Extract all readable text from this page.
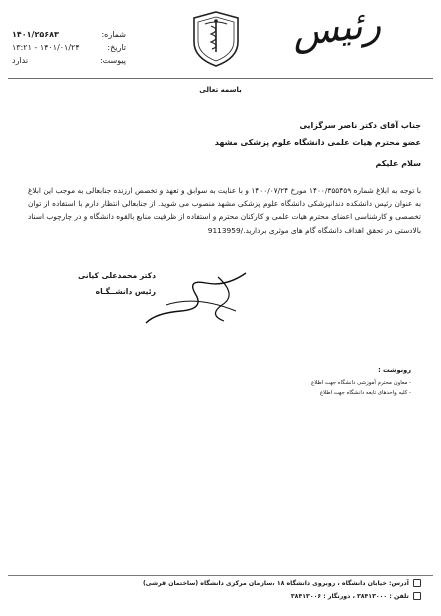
رئیس
شماره:
۱۴۰۱/۲۵۶۸۳
تاریخ:
۱۴۰۱/۰۱/۲۴ - ۱۳:۲۱
پیوست:
ندارد
باسمه تعالی
جناب آقای دکتر ناصر سرگزایی
عضو محترم هیات علمی دانشگاه علوم پزشکی مشهد
سلام علیکم
با توجه به ابلاغ شماره ۱۴۰۰/۳۵۵۴۵۹ مورخ ۱۴۰۰/۰۷/۲۴ و با عنایت به سوابق و تعهد و تخصص ارزنده جنابعالی به موجب این ابلاغ به عنوان رئیس دانشکده دندانپزشکی دانشگاه علوم پزشکی مشهد منصوب می شوید. از جنابعالی انتظار دارم با استفاده از توان تخصصی و کارشناسی اعضای محترم هیات علمی و کارکنان محترم و استفاده از ظرفیت منابع بالقوه دانشگاه و در چارچوب اسناد بالادستی در تحقق اهداف دانشگاه گام های موثری بردارید./9113959
دکتر محمدعلی کیانی
رئیس دانشــگـاه
رونوشت :
- معاون محترم آموزشی دانشگاه جهت اطلاع
- کلیه واحدهای تابعه دانشگاه جهت اطلاع
آدرس: خیابان دانشگاه ، روبروی دانشگاه ۱۸ ،سازمان مرکزی دانشگاه (ساختمان قرشی)
تلفن : ۳۸۴۱۳۰۰۰ ، دورنگار : ۳۸۴۱۳۰۰۶
